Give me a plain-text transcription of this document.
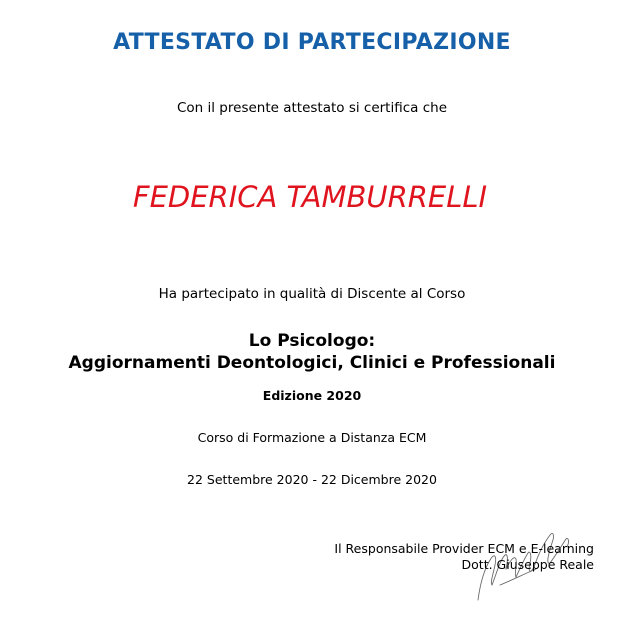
ATTESTATO DI PARTECIPAZIONE
Con il presente attestato si certifica che
FEDERICA TAMBURRELLI
Ha partecipato in qualità di Discente al Corso
Lo Psicologo:
Aggiornamenti Deontologici, Clinici e Professionali
Edizione 2020
Corso di Formazione a Distanza ECM
22 Settembre 2020 - 22 Dicembre 2020
Il Responsabile Provider ECM e E-learning
Dott. Giuseppe Reale
